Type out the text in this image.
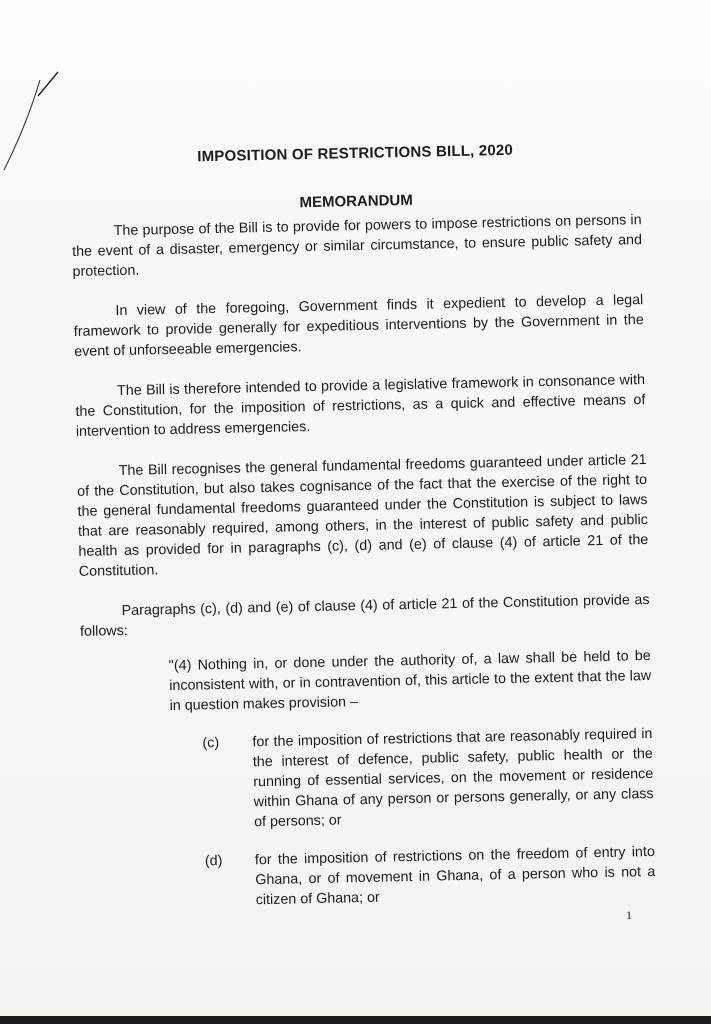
IMPOSITION OF RESTRICTIONS BILL, 2020
MEMORANDUM

The purpose of the Bill is to provide for powers to impose restrictions on persons in the event of a disaster, emergency or similar circumstance, to ensure public safety and protection.

In view of the foregoing, Government finds it expedient to develop a legal framework to provide generally for expeditious interventions by the Government in the event of unforseeable emergencies.

The Bill is therefore intended to provide a legislative framework in consonance with the Constitution, for the imposition of restrictions, as a quick and effective means of intervention to address emergencies.

The Bill recognises the general fundamental freedoms guaranteed under article 21 of the Constitution, but also takes cognisance of the fact that the exercise of the right to the general fundamental freedoms guaranteed under the Constitution is subject to laws that are reasonably required, among others, in the interest of public safety and public health as provided for in paragraphs (c), (d) and (e) of clause (4) of article 21 of the Constitution.

Paragraphs (c), (d) and (e) of clause (4) of article 21 of the Constitution provide as follows:

"(4) Nothing in, or done under the authority of, a law shall be held to be inconsistent with, or in contravention of, this article to the extent that the law in question makes provision –
(c)	for the imposition of restrictions that are reasonably required in the interest of defence, public safety, public health or the running of essential services, on the movement or residence within Ghana of any person or persons generally, or any class of persons; or
(d)	for the imposition of restrictions on the freedom of entry into Ghana, or of movement in Ghana, of a person who is not a citizen of Ghana; or
1
